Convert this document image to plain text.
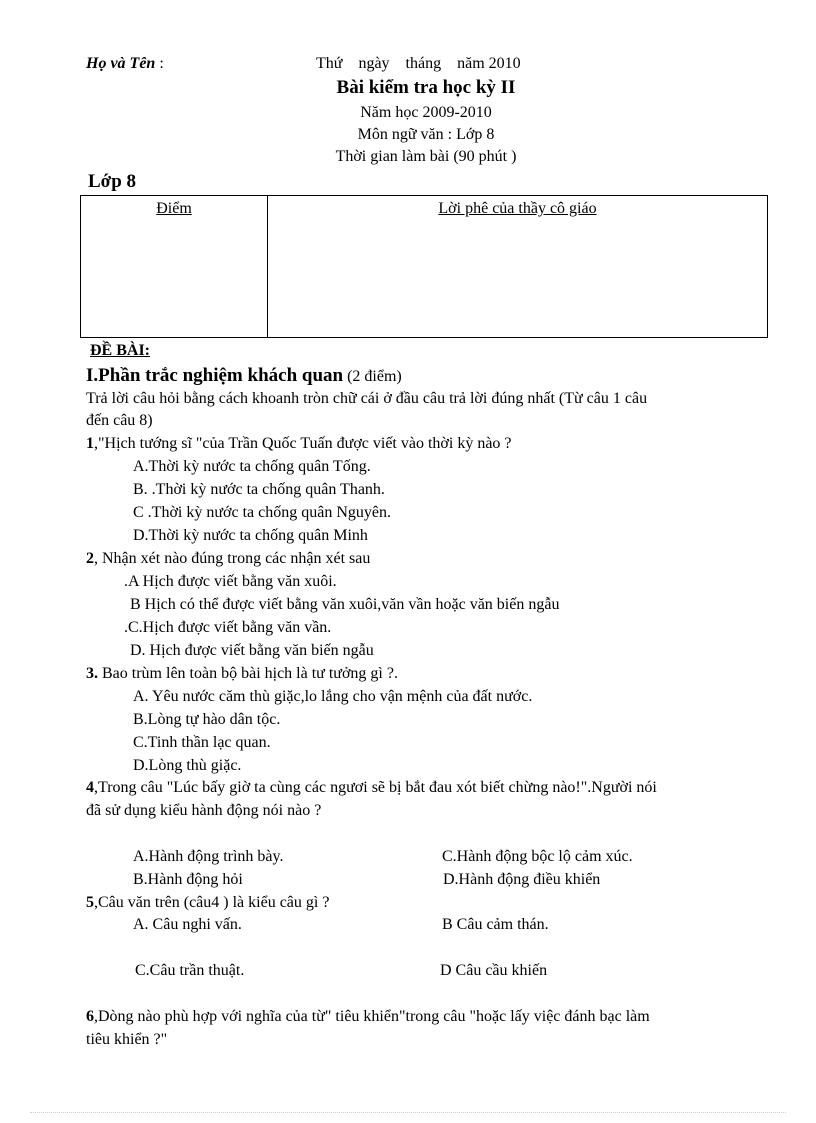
Họ và Tên :	Thứ    ngày    tháng    năm 2010
Bài kiểm tra học kỳ II
Năm học 2009-2010
Môn ngữ văn : Lớp 8
Thời gian làm bài (90 phút )
Lớp 8
Điểm	Lời phê của thầy cô giáo
ĐỀ BÀI:
I.Phần trắc nghiệm khách quan (2 điểm)
Trả lời câu hỏi bằng cách khoanh tròn chữ cái ở đầu câu trả lời đúng nhất (Từ câu 1 câu
đến câu 8)
1,"Hịch tướng sĩ "của Trần Quốc Tuấn được viết vào thời kỳ nào ?
A.Thời kỳ nước ta chống quân Tống.
B. .Thời kỳ nước ta chống quân Thanh.
C .Thời kỳ nước ta chống quân Nguyên.
D.Thời kỳ nước ta chống quân Minh
2, Nhận xét nào đúng trong các nhận xét sau
.A Hịch được viết bằng văn xuôi.
B Hịch có thể được viết bằng văn xuôi,văn vần hoặc văn biến ngẫu
.C.Hịch được viết bằng văn vần.
D. Hịch được viết bằng văn biến ngẫu
3. Bao trùm lên toàn bộ bài hịch là tư tưởng gì ?.
A. Yêu nước căm thù giặc,lo lắng cho vận mệnh của đất nước.
B.Lòng tự hào dân tộc.
C.Tinh thần lạc quan.
D.Lòng thù giặc.
4,Trong câu "Lúc bấy giờ ta cùng các ngươi sẽ bị bắt đau xót biết chừng nào!".Người nói
đã sử dụng kiểu hành động nói nào ?
A.Hành động trình bày.	C.Hành động bộc lộ cảm xúc.
B.Hành động hỏi	D.Hành động điều khiển
5,Câu văn trên (câu4 ) là kiểu câu gì ?
A. Câu nghi vấn.	B Câu cảm thán.
C.Câu trần thuật.	D Câu cầu khiến
6,Dòng nào phù hợp với nghĩa của từ" tiêu khiển"trong câu "hoặc lấy việc đánh bạc làm
tiêu khiển ?"
